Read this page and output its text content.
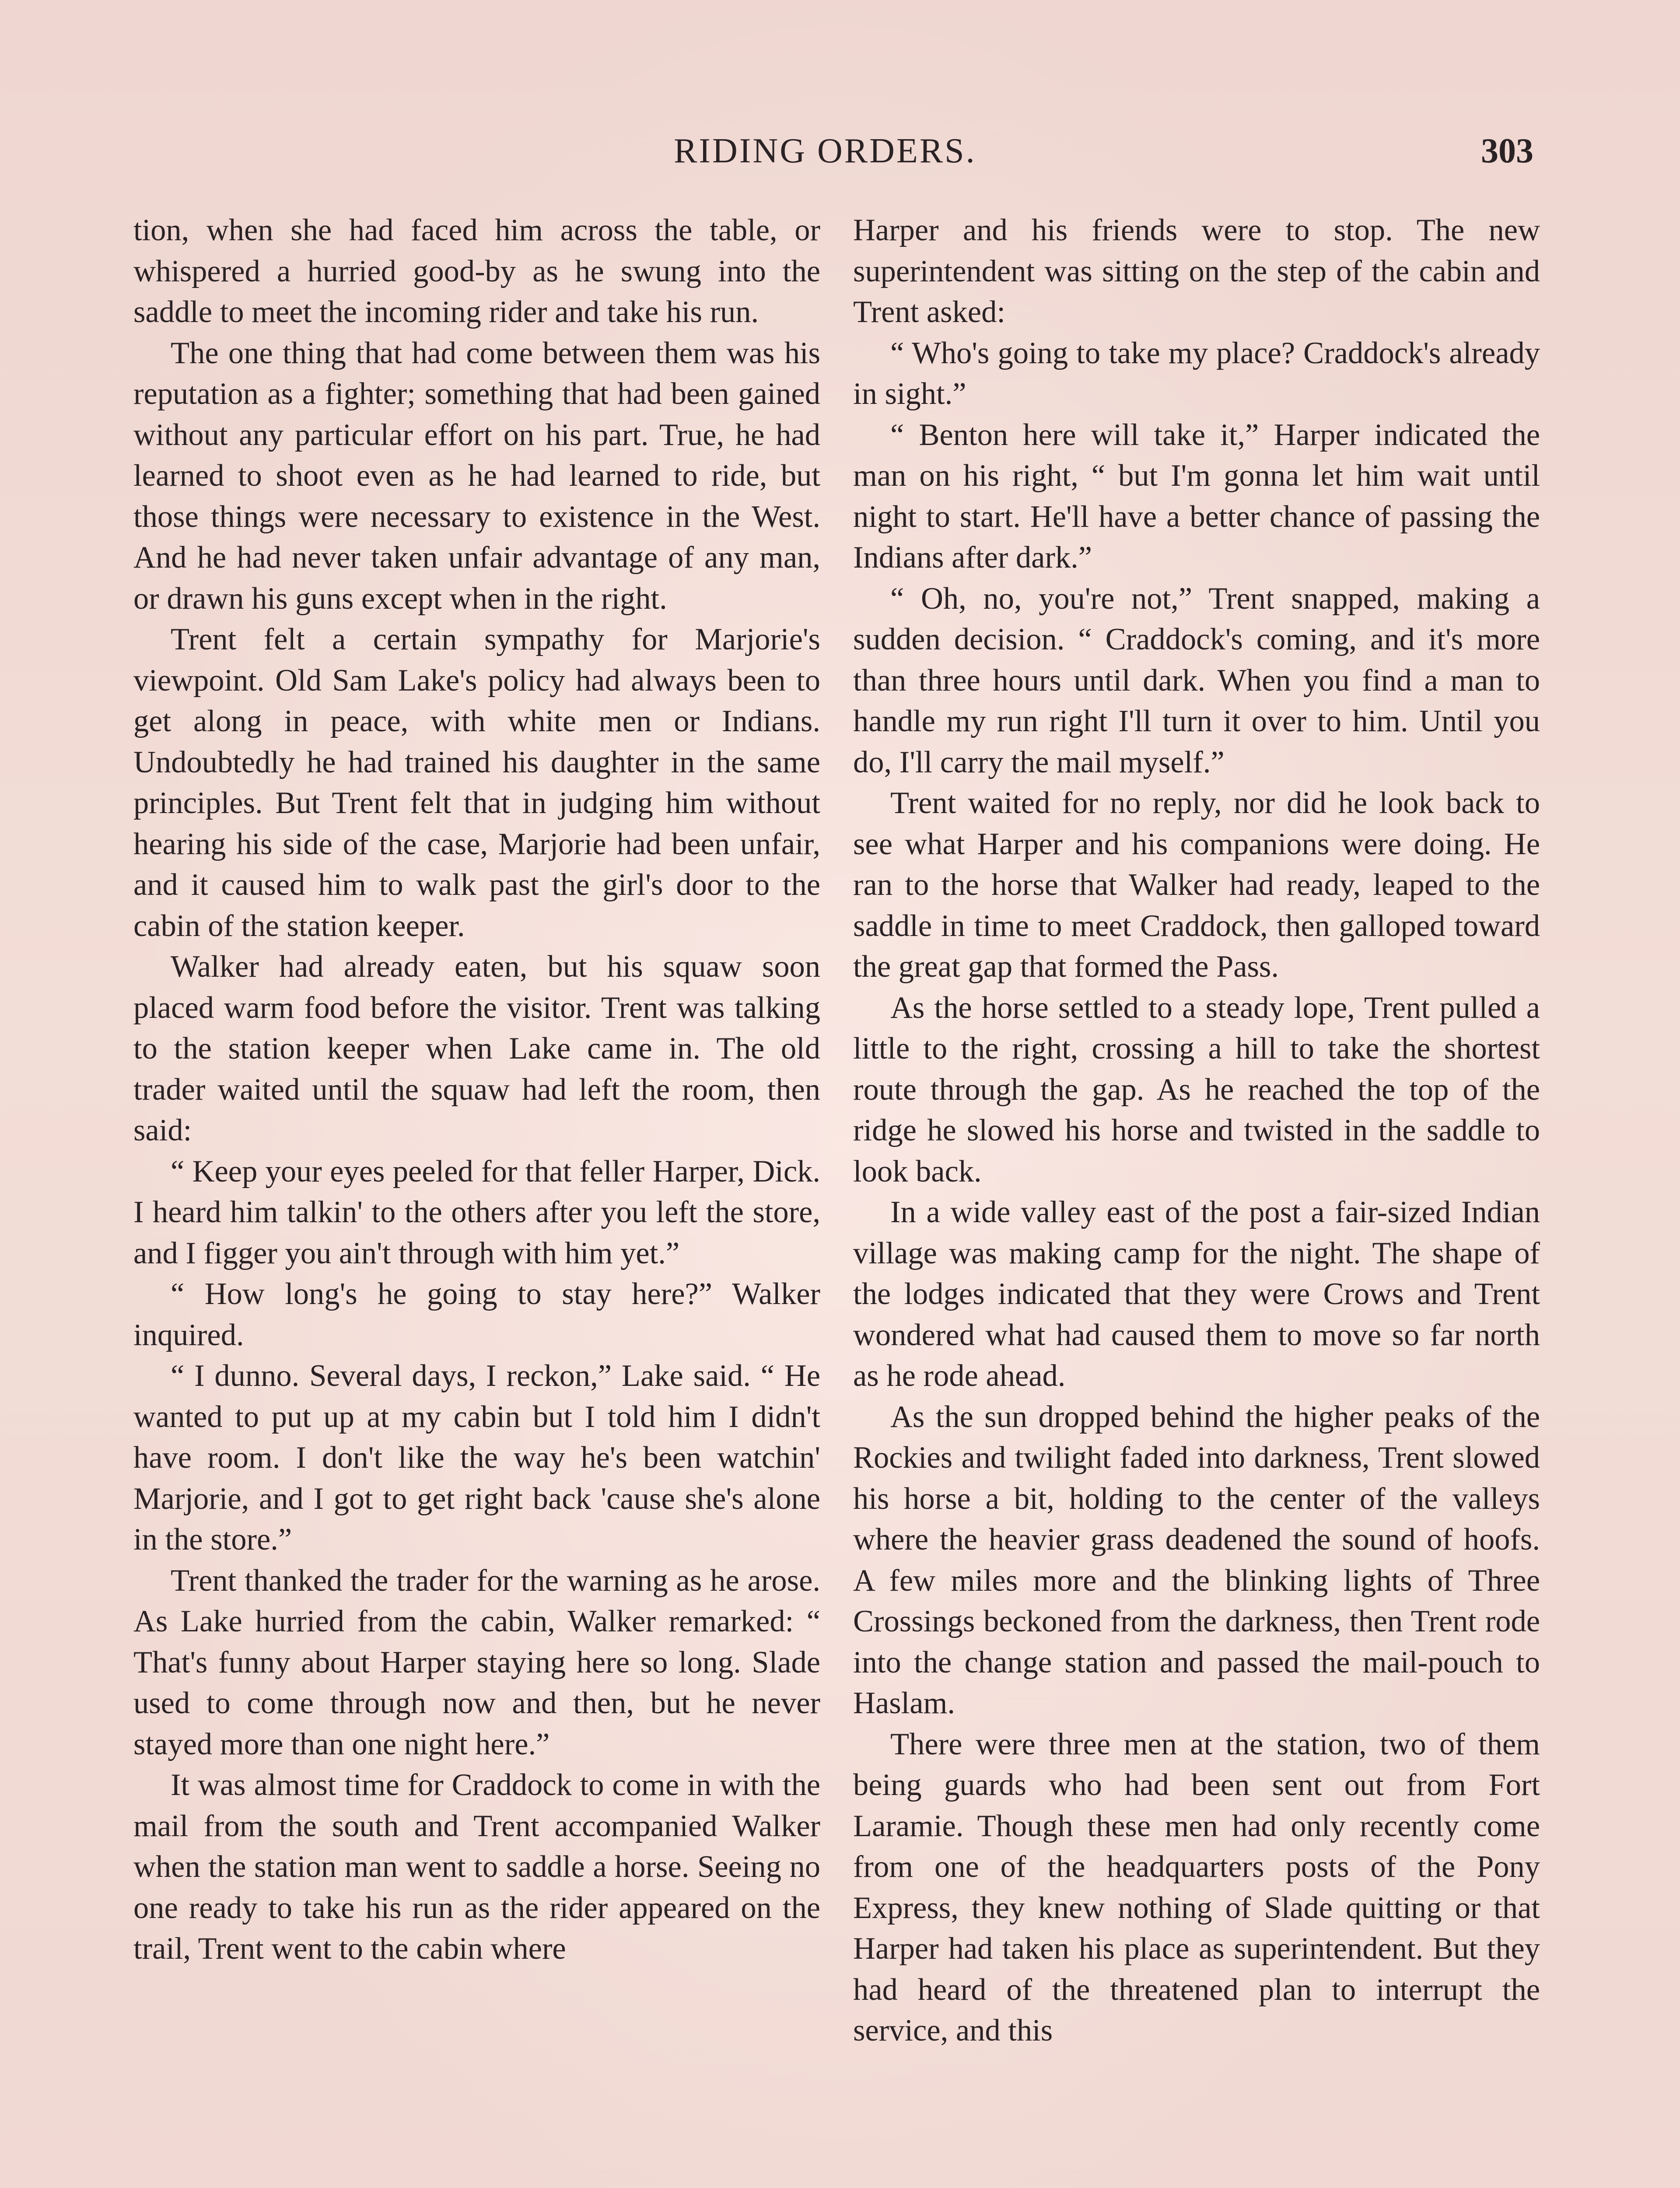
RIDING ORDERS.	303

tion, when she had faced him across the table, or whispered a hurried good-by as he swung into the saddle to meet the incoming rider and take his run.

The one thing that had come between them was his reputation as a fighter; something that had been gained without any particular effort on his part. True, he had learned to shoot even as he had learned to ride, but those things were necessary to existence in the West. And he had never taken unfair advantage of any man, or drawn his guns except when in the right.

Trent felt a certain sympathy for Marjorie's viewpoint. Old Sam Lake's policy had always been to get along in peace, with white men or Indians. Undoubtedly he had trained his daughter in the same principles. But Trent felt that in judging him without hearing his side of the case, Marjorie had been unfair, and it caused him to walk past the girl's door to the cabin of the station keeper.

Walker had already eaten, but his squaw soon placed warm food before the visitor. Trent was talking to the station keeper when Lake came in. The old trader waited until the squaw had left the room, then said:

“ Keep your eyes peeled for that feller Harper, Dick. I heard him talkin' to the others after you left the store, and I figger you ain't through with him yet.”

“ How long's he going to stay here?” Walker inquired.

“ I dunno. Several days, I reckon,” Lake said. “ He wanted to put up at my cabin but I told him I didn't have room. I don't like the way he's been watchin' Marjorie, and I got to get right back 'cause she's alone in the store.”

Trent thanked the trader for the warning as he arose. As Lake hurried from the cabin, Walker remarked: “ That's funny about Harper staying here so long. Slade used to come through now and then, but he never stayed more than one night here.”

It was almost time for Craddock to come in with the mail from the south and Trent accompanied Walker when the station man went to saddle a horse. Seeing no one ready to take his run as the rider appeared on the trail, Trent went to the cabin where

Harper and his friends were to stop. The new superintendent was sitting on the step of the cabin and Trent asked:

“ Who's going to take my place? Craddock's already in sight.”

“ Benton here will take it,” Harper indicated the man on his right, “ but I'm gonna let him wait until night to start. He'll have a better chance of passing the Indians after dark.”

“ Oh, no, you're not,” Trent snapped, making a sudden decision. “ Craddock's coming, and it's more than three hours until dark. When you find a man to handle my run right I'll turn it over to him. Until you do, I'll carry the mail myself.”

Trent waited for no reply, nor did he look back to see what Harper and his companions were doing. He ran to the horse that Walker had ready, leaped to the saddle in time to meet Craddock, then galloped toward the great gap that formed the Pass.

As the horse settled to a steady lope, Trent pulled a little to the right, crossing a hill to take the shortest route through the gap. As he reached the top of the ridge he slowed his horse and twisted in the saddle to look back.

In a wide valley east of the post a fair-sized Indian village was making camp for the night. The shape of the lodges indicated that they were Crows and Trent wondered what had caused them to move so far north as he rode ahead.

As the sun dropped behind the higher peaks of the Rockies and twilight faded into darkness, Trent slowed his horse a bit, holding to the center of the valleys where the heavier grass deadened the sound of hoofs. A few miles more and the blinking lights of Three Crossings beckoned from the darkness, then Trent rode into the change station and passed the mail-pouch to Haslam.

There were three men at the station, two of them being guards who had been sent out from Fort Laramie. Though these men had only recently come from one of the headquarters posts of the Pony Express, they knew nothing of Slade quitting or that Harper had taken his place as superintendent. But they had heard of the threatened plan to interrupt the service, and this
